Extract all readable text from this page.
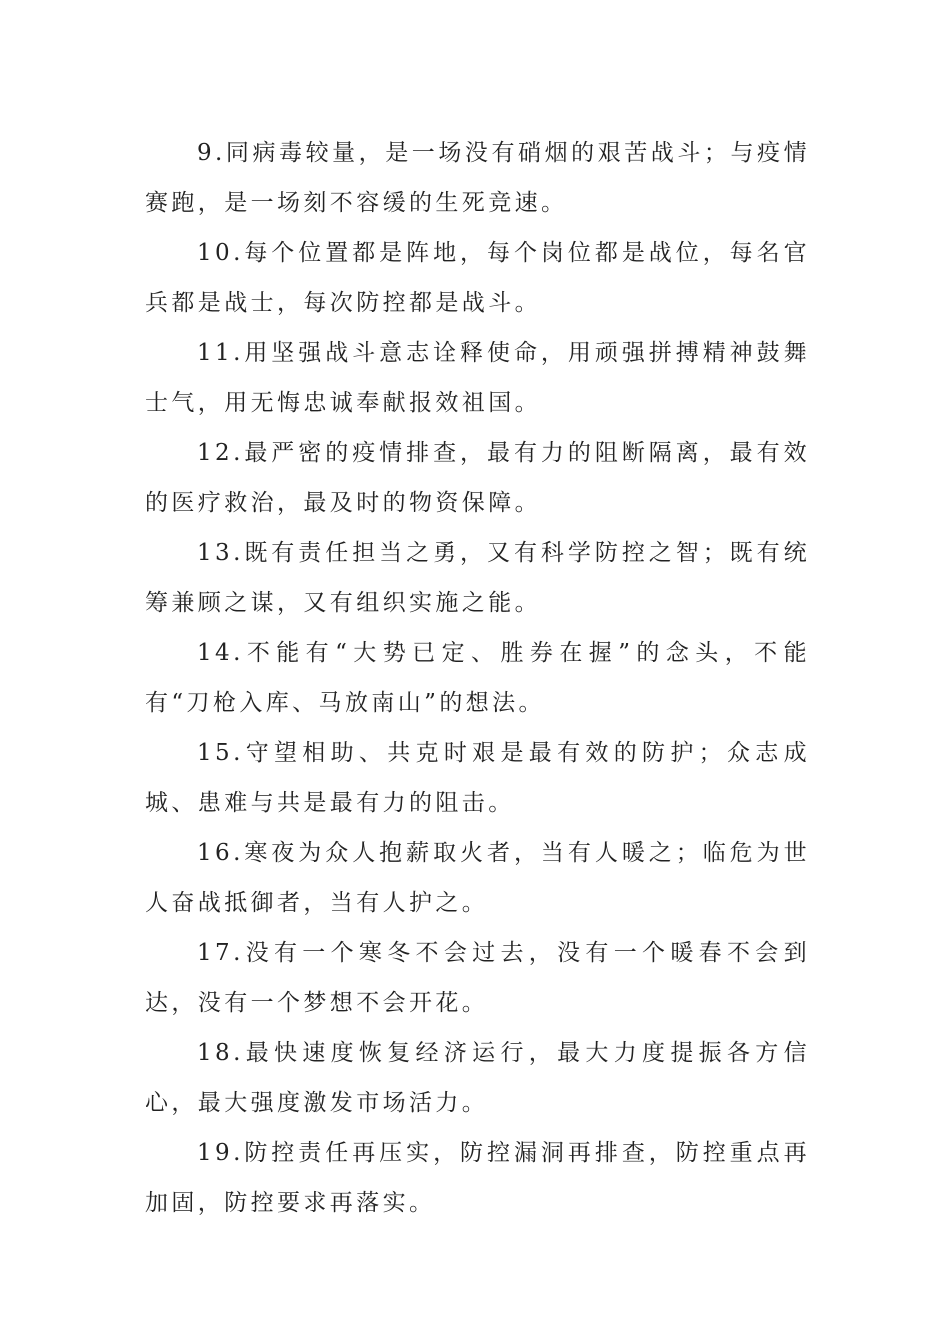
9.同病毒较量，是一场没有硝烟的艰苦战斗；与疫情赛跑，是一场刻不容缓的生死竞速。

10.每个位置都是阵地，每个岗位都是战位，每名官兵都是战士，每次防控都是战斗。

11.用坚强战斗意志诠释使命，用顽强拼搏精神鼓舞士气，用无悔忠诚奉献报效祖国。

12.最严密的疫情排查，最有力的阻断隔离，最有效的医疗救治，最及时的物资保障。

13.既有责任担当之勇，又有科学防控之智；既有统筹兼顾之谋，又有组织实施之能。

14.不能有“大势已定、胜券在握”的念头，不能有“刀枪入库、马放南山”的想法。

15.守望相助、共克时艰是最有效的防护；众志成城、患难与共是最有力的阻击。

16.寒夜为众人抱薪取火者，当有人暖之；临危为世人奋战抵御者，当有人护之。

17.没有一个寒冬不会过去，没有一个暖春不会到达，没有一个梦想不会开花。

18.最快速度恢复经济运行，最大力度提振各方信心，最大强度激发市场活力。

19.防控责任再压实，防控漏洞再排查，防控重点再加固，防控要求再落实。
